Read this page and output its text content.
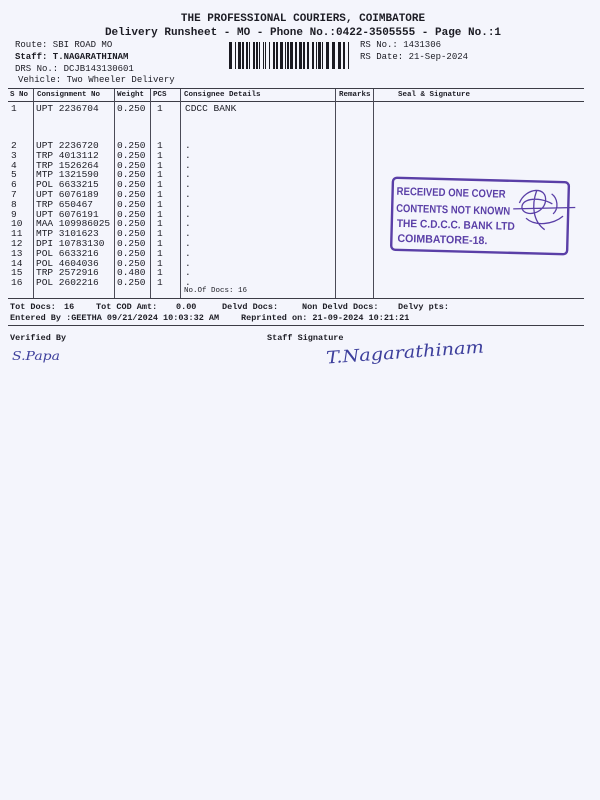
THE PROFESSIONAL COURIERS, COIMBATORE
Delivery Runsheet - MO - Phone No.:0422-3505555 - Page No.:1
Route: SBI ROAD MO
Staff: T.NAGARATHINAM
DRS No.: DCJB143130601
Vehicle: Two Wheeler Delivery
RS No.: 1431306
RS Date: 21-Sep-2024
S No Consignment No Weight PCS Consignee Details	Remarks	Seal & Signature
1 UPT 2236704 0.250 1 CDCC BANK
2 UPT 2236720 0.250 1 .
3 TRP 4013112 0.250 1 .
4 TRP 1526264 0.250 1 .
5 MTP 1321590 0.250 1 .
6 POL 6633215 0.250 1 .
7 UPT 6076189 0.250 1 .
8 TRP 650467	0.250 1 .
9 UPT 6076191 0.250 1 .
10 MAA 109986025 0.250 1 .
11 MTP 3101623 0.250 1 .
12 DPI 10783130 0.250 1 .
13 POL 6633216 0.250 1 .
14 POL 4604036 0.250 1 .
15 TRP 2572916 0.480 1 .
16 POL 2602216 0.250 1 .
No.Of Docs: 16
RECEIVED ONE COVER
CONTENTS NOT KNOWN
THE C.D.C.C. BANK LTD
COIMBATORE-18.
Tot Docs: 16	Tot COD Amt: 0.00	Delvd Docs:	Non Delvd Docs: Delvy pts:
Entered By :GEETHA 09/21/2024 10:03:32 AM	Reprinted on: 21-09-2024 10:21:21
Verified By	Staff Signature
S.Papa	T.Nagarathinam
